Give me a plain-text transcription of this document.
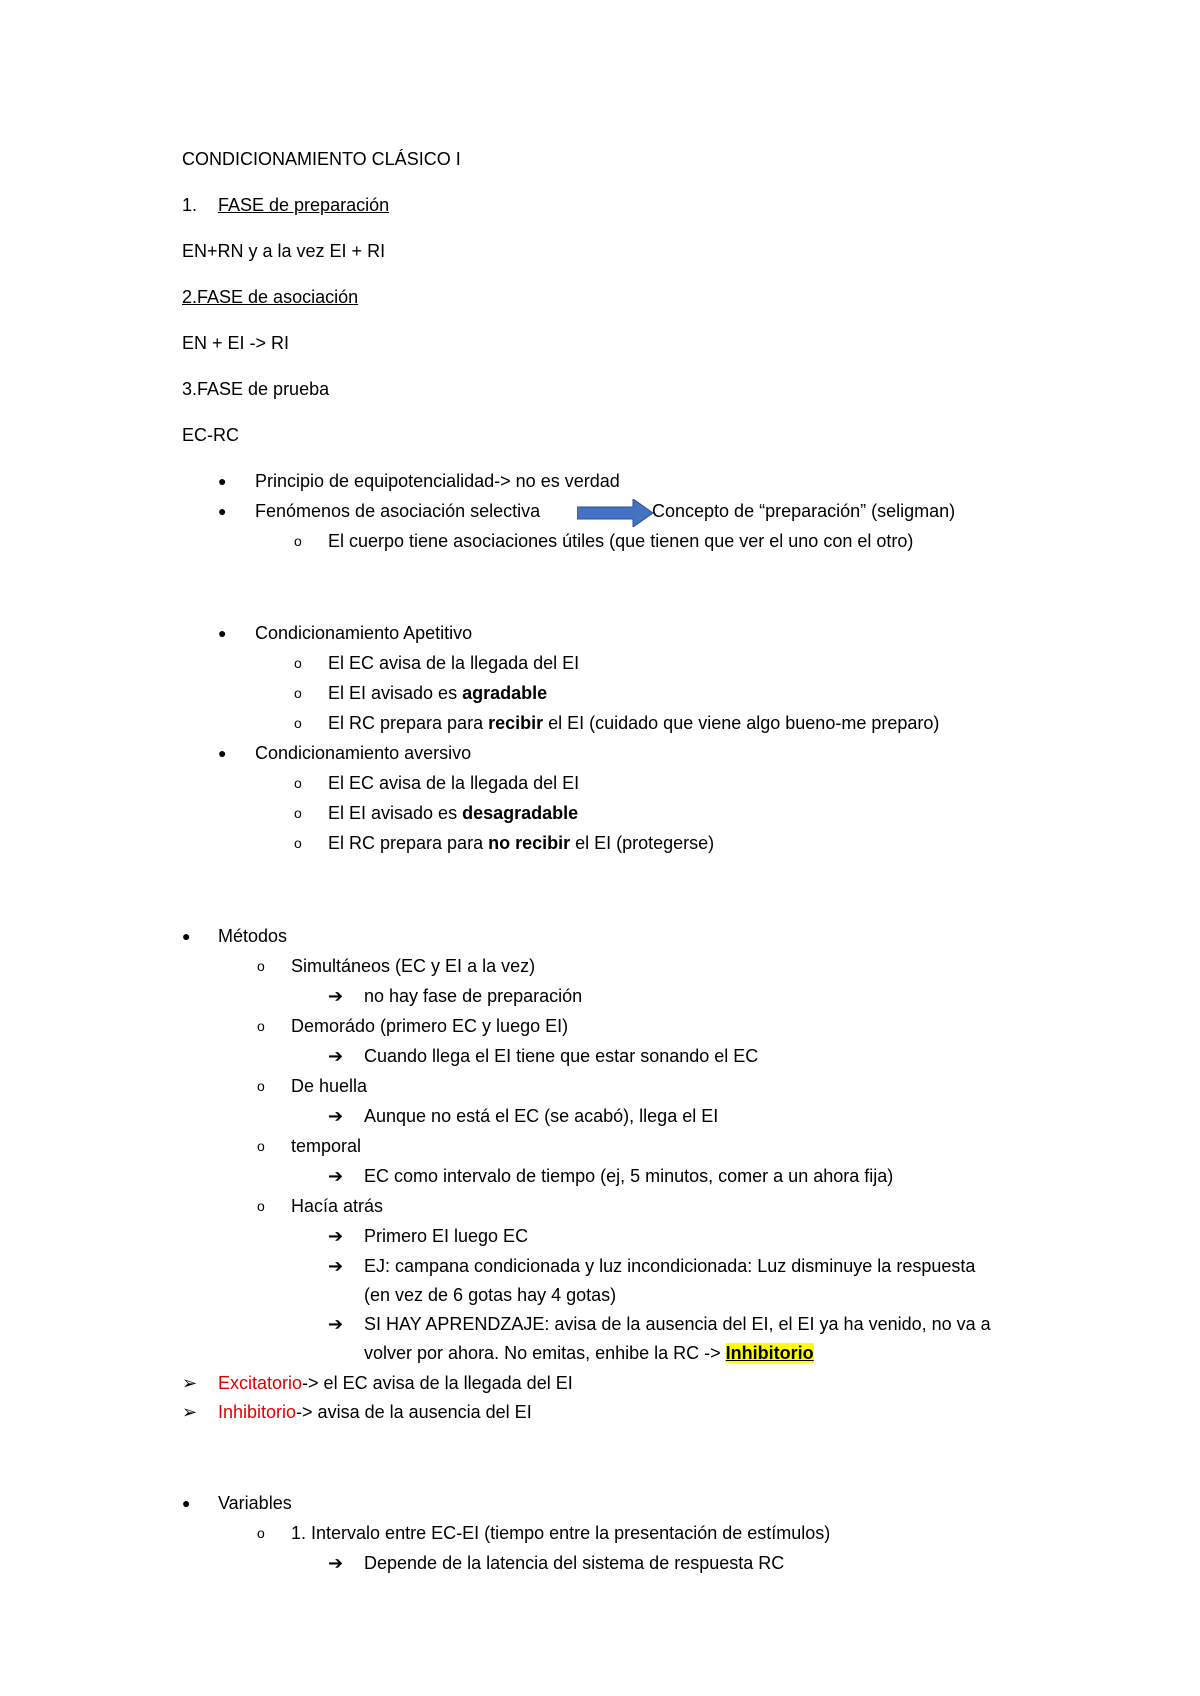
CONDICIONAMIENTO CLÁSICO I
1. FASE de preparación
EN+RN y a la vez EI + RI
2.FASE de asociación
EN + EI -> RI
3.FASE de prueba
EC-RC
● Principio de equipotencialidad-> no es verdad
● Fenómenos de asociación selectiva	Concepto de “preparación” (seligman)
o El cuerpo tiene asociaciones útiles (que tienen que ver el uno con el otro)
● Condicionamiento Apetitivo
o El EC avisa de la llegada del EI
o El EI avisado es agradable
o El RC prepara para recibir el EI (cuidado que viene algo bueno-me preparo)
● Condicionamiento aversivo
o El EC avisa de la llegada del EI
o El EI avisado es desagradable
o El RC prepara para no recibir el EI (protegerse)
● Métodos
o Simultáneos (EC y EI a la vez)
➔ no hay fase de preparación
o Demorádo (primero EC y luego EI)
➔ Cuando llega el EI tiene que estar sonando el EC
o De huella
➔ Aunque no está el EC (se acabó), llega el EI
o temporal
➔ EC como intervalo de tiempo (ej, 5 minutos, comer a un ahora fija)
o Hacía atrás
➔ Primero EI luego EC
➔ EJ: campana condicionada y luz incondicionada: Luz disminuye la respuesta
(en vez de 6 gotas hay 4 gotas)
➔ SI HAY APRENDZAJE: avisa de la ausencia del EI, el EI ya ha venido, no va a
volver por ahora. No emitas, enhibe la RC -> Inhibitorio
➢ Excitatorio-> el EC avisa de la llegada del EI
➢ Inhibitorio-> avisa de la ausencia del EI
● Variables
o 1. Intervalo entre EC-EI (tiempo entre la presentación de estímulos)
➔ Depende de la latencia del sistema de respuesta RC
